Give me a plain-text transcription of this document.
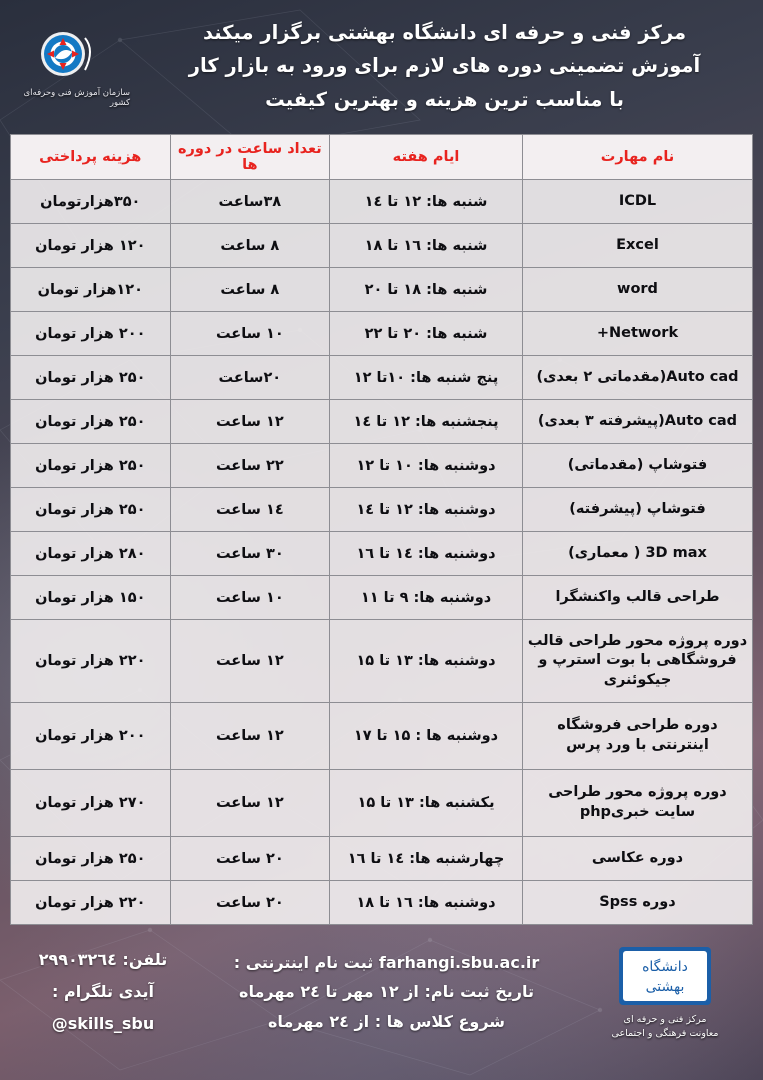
مرکز فنی و حرفه ای دانشگاه بهشتی برگزار میکند
آموزش تضمینی دوره های لازم برای ورود به بازار کار
با مناسب ترین هزینه و بهترین کیفیت
سازمان آموزش فنی وحرفه‌ای کشور
نام مهارت	ایام هفته	تعداد ساعت در دوره ها	هزینه پرداختی
ICDL	شنبه ها: ۱۲ تا ۱٤	۳۸ساعت	۳۵۰هزارتومان
Excel	شنبه ها: ۱٦ تا ۱۸	۸ ساعت	۱۲۰ هزار تومان
word	شنبه ها: ۱۸ تا ۲۰	۸ ساعت	۱۲۰هزار تومان
Network+	شنبه ها: ۲۰ تا ۲۲	۱۰ ساعت	۲۰۰ هزار تومان
Auto cad(مقدماتی ۲ بعدی)	پنج شنبه ها: ۱۰تا ۱۲	۲۰ساعت	۲۵۰ هزار تومان
Auto cad(پیشرفته ۳ بعدی)	پنجشنبه ها: ۱۲ تا ۱٤	۱۲ ساعت	۲۵۰ هزار تومان
فتوشاپ (مقدماتی)	دوشنبه ها: ۱۰ تا ۱۲	۲۲ ساعت	۲۵۰ هزار تومان
فتوشاپ (پیشرفته)	دوشنبه ها: ۱۲ تا ۱٤	۱٤ ساعت	۲۵۰ هزار تومان
3D max ( معماری)	دوشنبه ها: ۱٤ تا ۱٦	۳۰ ساعت	۲۸۰ هزار تومان
طراحی قالب واکنشگرا	دوشنبه ها: ۹ تا ۱۱	۱۰ ساعت	۱۵۰ هزار تومان
دوره پروژه محور طراحی قالب فروشگاهی با بوت استرپ و جیکوئنری	دوشنبه ها: ۱۳ تا ۱۵	۱۲ ساعت	۲۲۰ هزار تومان
دوره طراحی فروشگاه اینترنتی با ورد پرس	دوشنبه ها : ۱۵ تا ۱۷	۱۲ ساعت	۲۰۰ هزار تومان
دوره پروژه محور طراحی سایت خبریphp	یکشنبه ها: ۱۳ تا ۱۵	۱۲ ساعت	۲۷۰ هزار تومان
دوره عکاسی	چهارشنبه ها: ۱٤ تا ۱٦	۲۰ ساعت	۲۵۰ هزار تومان
دوره Spss	دوشنبه ها: ۱٦ تا ۱۸	۲۰ ساعت	۲۲۰ هزار تومان
دانشگاه
بهشتی
مرکز فنی و حرفه ای
معاونت فرهنگی و اجتماعی
farhangi.sbu.ac.ir ثبت نام اینترنتی :
تاریخ ثبت نام: از ۱۲ مهر تا ۲٤ مهرماه
شروع کلاس ها : از ۲٤ مهرماه
تلفن: ۲۹۹۰۳۲٦٤
آیدی تلگرام : @skills_sbu
